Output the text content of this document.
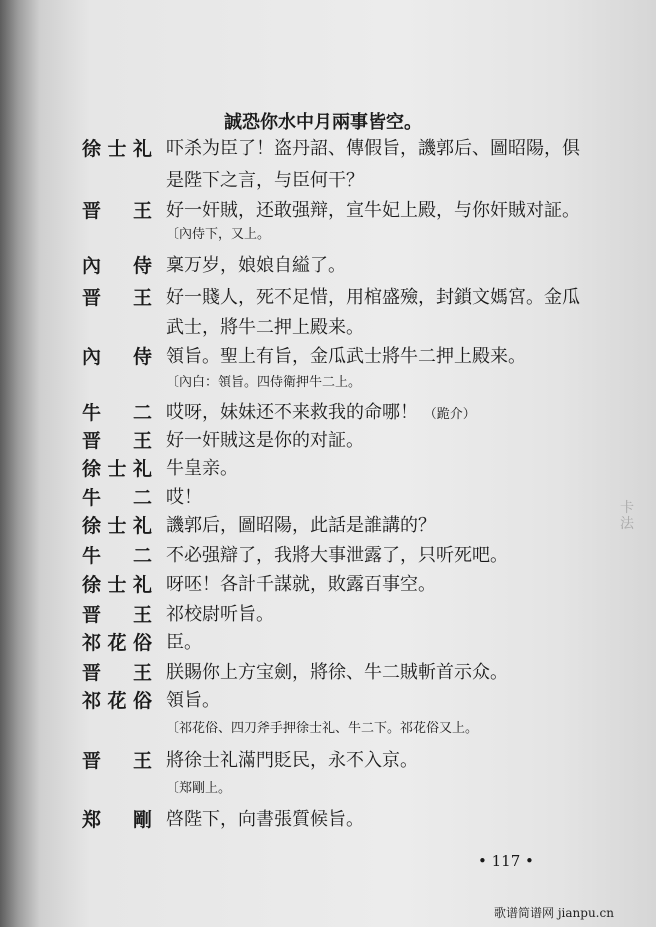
卡法
誠恐你水中月兩事皆空。
徐士礼 吓杀为臣了！盗丹詔、傳假旨，譏郭后、圖昭陽，俱
是陛下之言，与臣何干？
晋　王 好一奸賊，还敢强辩，宣牛妃上殿，与你奸賊对証。
〔內侍下，又上。
內　侍 稟万岁，娘娘自縊了。
晋　王 好一賤人，死不足惜，用棺盛殮，封鎖文媽宮。金瓜
武士，將牛二押上殿来。
內　侍 領旨。聖上有旨，金瓜武士將牛二押上殿来。
〔內白：領旨。四侍衛押牛二上。
牛　二 哎呀，妹妹还不来救我的命哪！ （跪介）
晋　王 好一奸賊这是你的对証。
徐士礼 牛皇亲。
牛　二 哎！
徐士礼 譏郭后，圖昭陽，此話是誰講的？
牛　二 不必强辯了，我將大事泄露了，只听死吧。
徐士礼 呀呸！各計千謀就，敗露百事空。
晋　王 祁校尉听旨。
祁花俗 臣。
晋　王 朕賜你上方宝劍，將徐、牛二賊斬首示众。
祁花俗 領旨。
〔祁花俗、四刀斧手押徐士礼、牛二下。祁花俗又上。
晋　王 將徐士礼滿門貶民，永不入京。
〔郑剛上。
郑　剛 啓陛下，向書張質候旨。
• 117 •
歌谱简谱网 jianpu.cn
